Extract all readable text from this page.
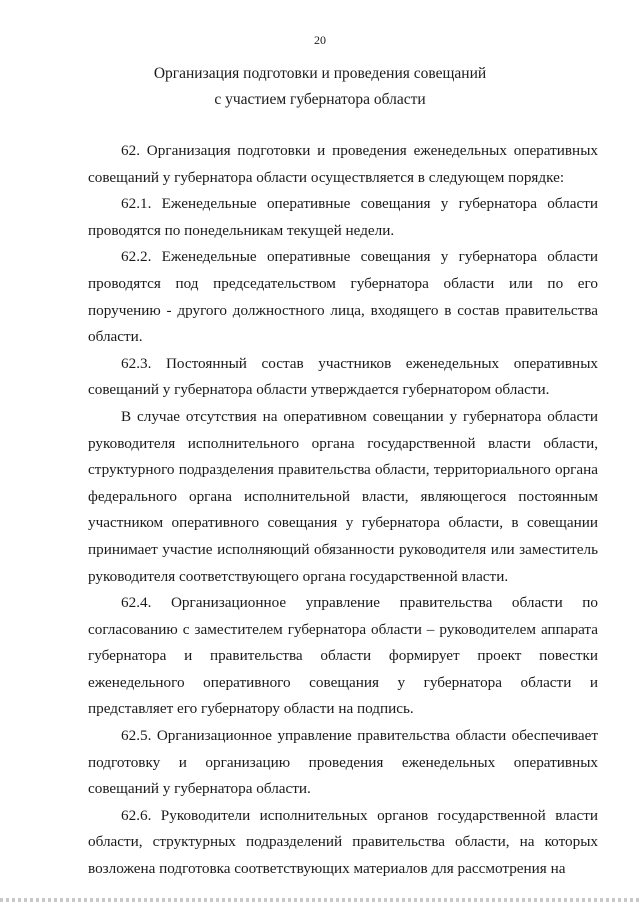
20
Организация подготовки и проведения совещаний
с участием губернатора области

62. Организация подготовки и проведения еженедельных оперативных совещаний у губернатора области осуществляется в следующем порядке:

62.1. Еженедельные оперативные совещания у губернатора области проводятся по понедельникам текущей недели.

62.2. Еженедельные оперативные совещания у губернатора области проводятся под председательством губернатора области или по его поручению - другого должностного лица, входящего в состав правительства области.

62.3. Постоянный состав участников еженедельных оперативных совещаний у губернатора области утверждается губернатором области.

В случае отсутствия на оперативном совещании у губернатора области руководителя исполнительного органа государственной власти области, структурного подразделения правительства области, территориального органа федерального органа исполнительной власти, являющегося постоянным участником оперативного совещания у губернатора области, в совещании принимает участие исполняющий обязанности руководителя или заместитель руководителя соответствующего органа государственной власти.

62.4. Организационное управление правительства области по согласованию с заместителем губернатора области – руководителем аппарата губернатора и правительства области формирует проект повестки еженедельного оперативного совещания у губернатора области и представляет его губернатору области на подпись.

62.5. Организационное управление правительства области обеспечивает подготовку и организацию проведения еженедельных оперативных совещаний у губернатора области.

62.6. Руководители исполнительных органов государственной власти области, структурных подразделений правительства области, на которых возложена подготовка соответствующих материалов для рассмотрения на
